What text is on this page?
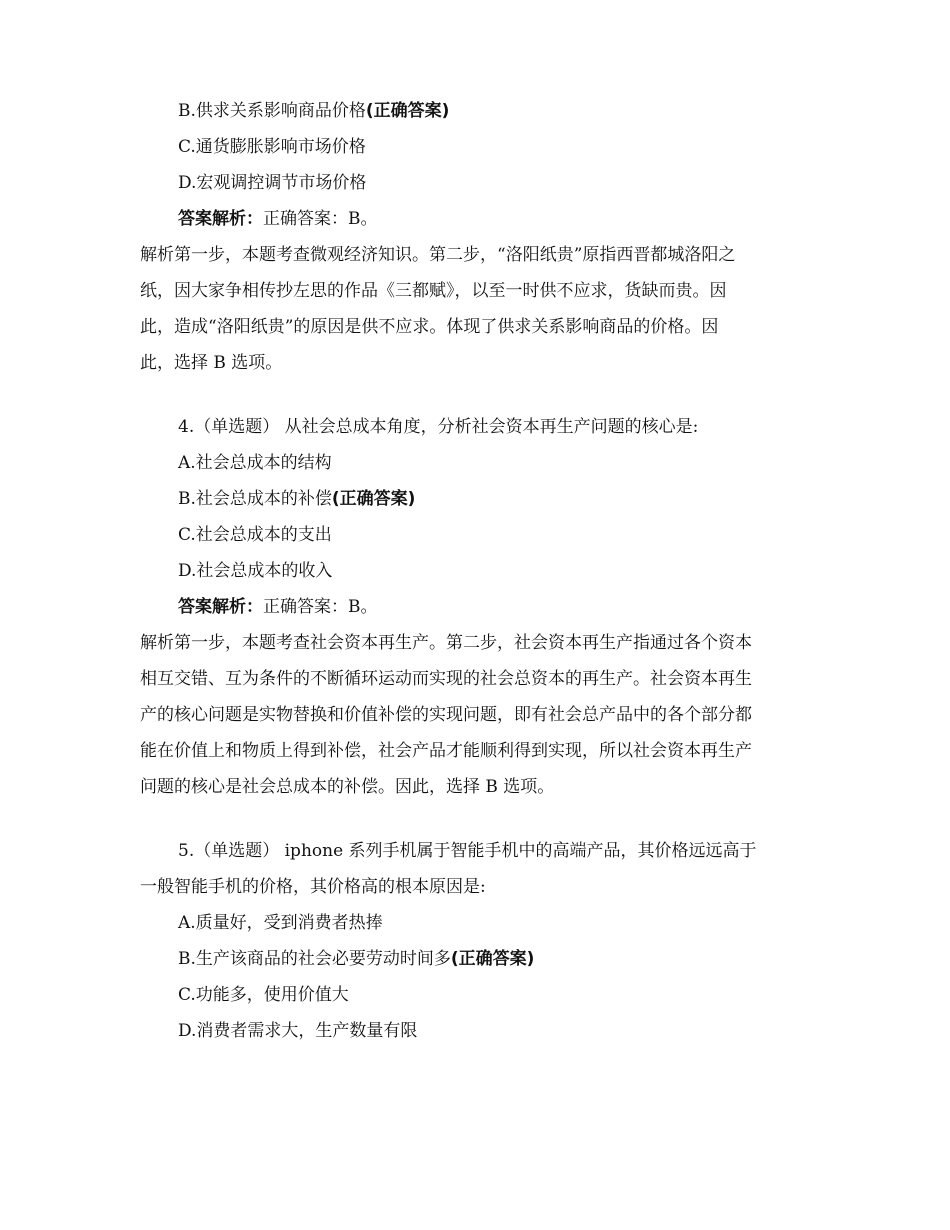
B.供求关系影响商品价格(正确答案)
C.通货膨胀影响市场价格
D.宏观调控调节市场价格
答案解析：正确答案：B。
解析第一步，本题考查微观经济知识。第二步，“洛阳纸贵”原指西晋都城洛阳之
纸，因大家争相传抄左思的作品《三都赋》，以至一时供不应求，货缺而贵。因
此，造成“洛阳纸贵”的原因是供不应求。体现了供求关系影响商品的价格。因
此，选择 B 选项。
4.（单选题） 从社会总成本角度，分析社会资本再生产问题的核心是:
A.社会总成本的结构
B.社会总成本的补偿(正确答案)
C.社会总成本的支出
D.社会总成本的收入
答案解析：正确答案：B。
解析第一步，本题考查社会资本再生产。第二步，社会资本再生产指通过各个资本
相互交错、互为条件的不断循环运动而实现的社会总资本的再生产。社会资本再生
产的核心问题是实物替换和价值补偿的实现问题，即有社会总产品中的各个部分都
能在价值上和物质上得到补偿，社会产品才能顺利得到实现，所以社会资本再生产
问题的核心是社会总成本的补偿。因此，选择 B 选项。
5.（单选题） iphone 系列手机属于智能手机中的高端产品，其价格远远高于
一般智能手机的价格，其价格高的根本原因是:
A.质量好，受到消费者热捧
B.生产该商品的社会必要劳动时间多(正确答案)
C.功能多，使用价值大
D.消费者需求大，生产数量有限
